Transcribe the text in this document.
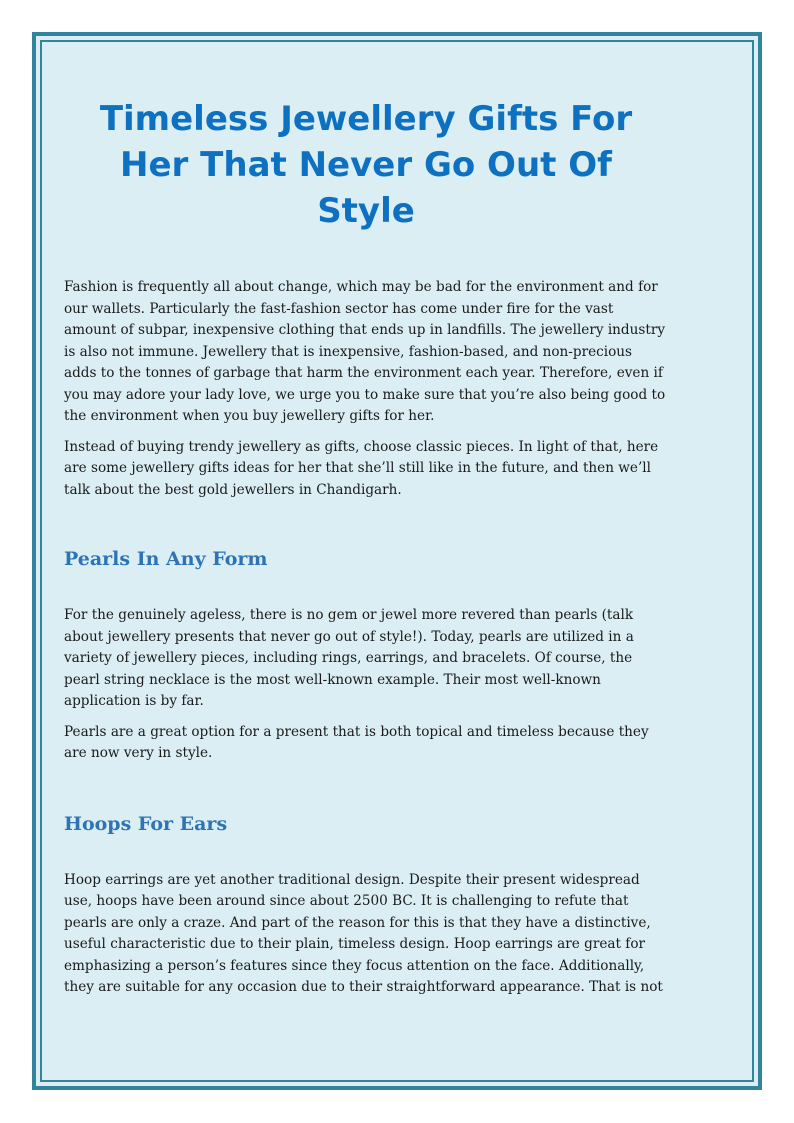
Timeless Jewellery Gifts For Her That Never Go Out Of Style

Fashion is frequently all about change, which may be bad for the environment and for our wallets. Particularly the fast-fashion sector has come under fire for the vast amount of subpar, inexpensive clothing that ends up in landfills. The jewellery industry is also not immune. Jewellery that is inexpensive, fashion-based, and non-precious adds to the tonnes of garbage that harm the environment each year. Therefore, even if you may adore your lady love, we urge you to make sure that you’re also being good to the environment when you buy jewellery gifts for her.

Instead of buying trendy jewellery as gifts, choose classic pieces. In light of that, here are some jewellery gifts ideas for her that she’ll still like in the future, and then we’ll talk about the best gold jewellers in Chandigarh.

Pearls In Any Form

For the genuinely ageless, there is no gem or jewel more revered than pearls (talk about jewellery presents that never go out of style!). Today, pearls are utilized in a variety of jewellery pieces, including rings, earrings, and bracelets. Of course, the pearl string necklace is the most well-known example. Their most well-known application is by far.

Pearls are a great option for a present that is both topical and timeless because they are now very in style.

Hoops For Ears

Hoop earrings are yet another traditional design. Despite their present widespread use, hoops have been around since about 2500 BC. It is challenging to refute that pearls are only a craze. And part of the reason for this is that they have a distinctive, useful characteristic due to their plain, timeless design. Hoop earrings are great for emphasizing a person’s features since they focus attention on the face. Additionally, they are suitable for any occasion due to their straightforward appearance. That is not
